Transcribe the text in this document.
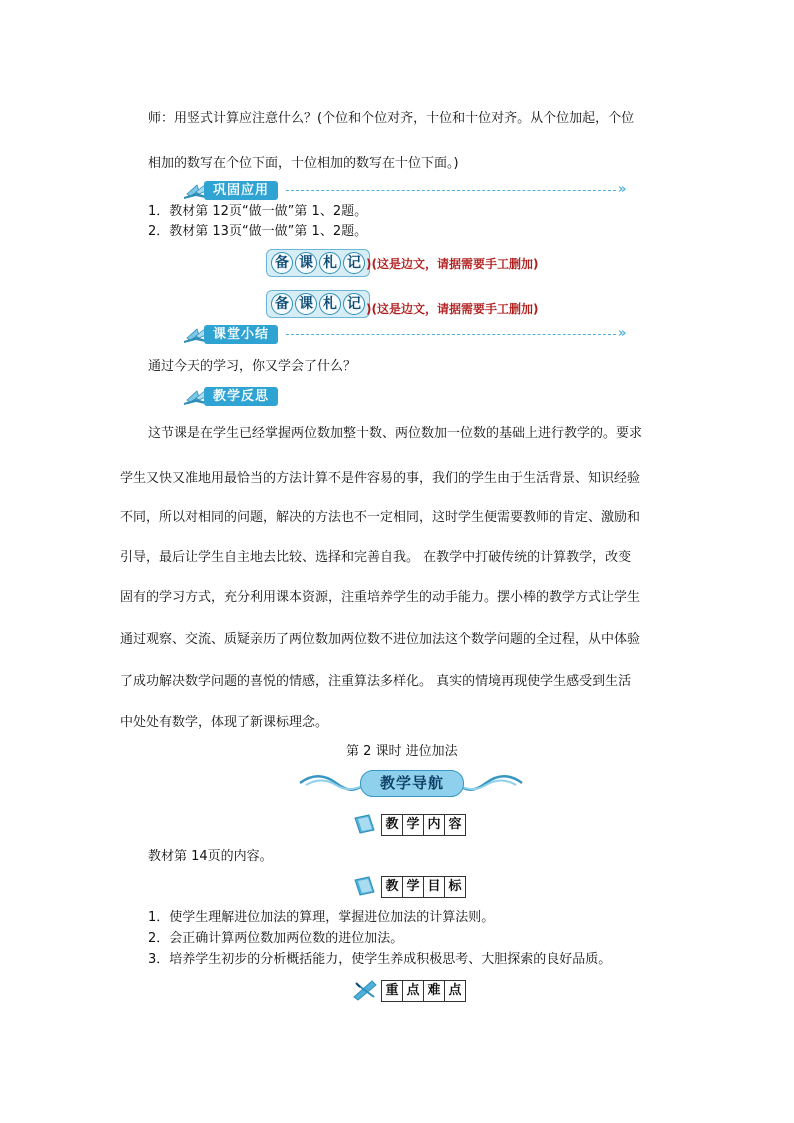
师：用竖式计算应注意什么？(个位和个位对齐，十位和十位对齐。从个位加起，个位
相加的数写在个位下面，十位相加的数写在十位下面。)
巩固应用	»
1．教材第 12页“做一做”第 1、2题。
2．教材第 13页“做一做”第 1、2题。
备 课 札 记 )(这是边文，请据需要手工删加)
备 课 札 记 )(这是边文，请据需要手工删加)
课堂小结	»
通过今天的学习，你又学会了什么？
教学反思
这节课是在学生已经掌握两位数加整十数、两位数加一位数的基础上进行教学的。要求
学生又快又准地用最恰当的方法计算不是件容易的事，我们的学生由于生活背景、知识经验
不同，所以对相同的问题，解决的方法也不一定相同，这时学生便需要教师的肯定、激励和
引导，最后让学生自主地去比较、选择和完善自我。 在教学中打破传统的计算教学，改变
固有的学习方式，充分利用课本资源，注重培养学生的动手能力。摆小棒的教学方式让学生
通过观察、交流、质疑亲历了两位数加两位数不进位加法这个数学问题的全过程，从中体验
了成功解决数学问题的喜悦的情感，注重算法多样化。 真实的情境再现使学生感受到生活
中处处有数学，体现了新课标理念。
第 2 课时 进位加法
教学导航
教 学 内 容
教材第 14页的内容。
教 学 目 标
1．使学生理解进位加法的算理，掌握进位加法的计算法则。
2．会正确计算两位数加两位数的进位加法。
3．培养学生初步的分析概括能力，使学生养成积极思考、大胆探索的良好品质。
重 点 难 点
